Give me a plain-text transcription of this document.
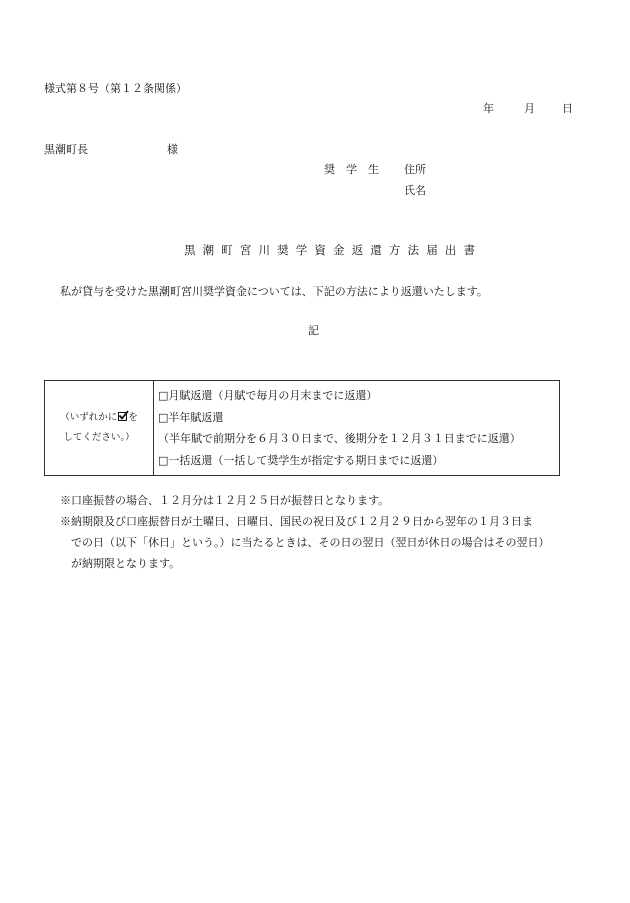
様式第８号（第１２条関係）
年	月 日
黒潮町長	様
奨　学　生 住所
氏名
黒潮町宮川奨学資金返還方法届出書
私が貸与を受けた黒潮町宮川奨学資金については、下記の方法により返還いたします。
記
（いずれかに を
してください。）

□月賦返還（月賦で毎月の月末までに返還）
□半年賦返還
（半年賦で前期分を６月３０日まで、後期分を１２月３１日までに返還）
□一括返還（一括して奨学生が指定する期日までに返還）
※口座振替の場合、１２月分は１２月２５日が振替日となります。
※納期限及び口座振替日が土曜日、日曜日、国民の祝日及び１２月２９日から翌年の１月３日ま
での日（以下「休日」という。）に当たるときは、その日の翌日（翌日が休日の場合はその翌日）
が納期限となります。
